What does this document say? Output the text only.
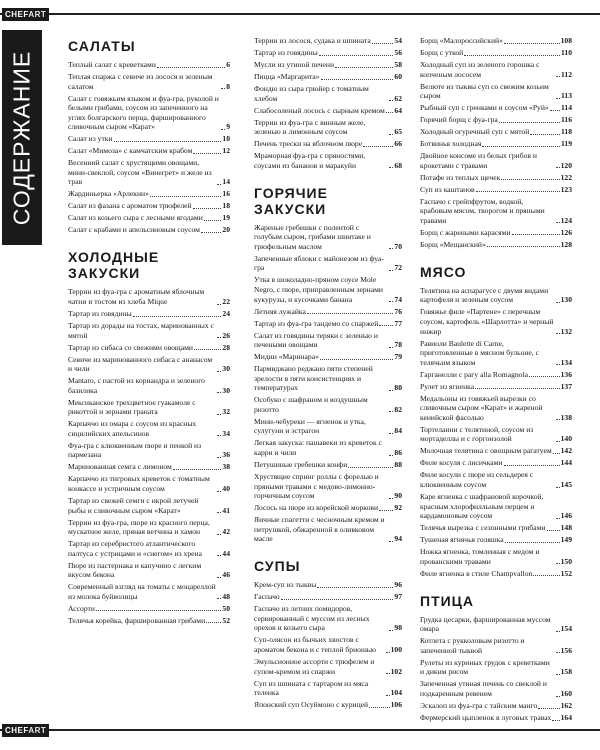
CHEFART
СОДЕРЖАНИЕ
САЛАТЫ
Теплый салат с креветками	6
Теплая спаржа с севиче из лосося и зеленым салатом	8
Салат с говяжьим языком и фуа-гра, руколой и белыми грибами, соусом из запеченного на углях болгарского перца, фаршированного сливочным сыром «Карат»	9
Салат из утки	10
Салат «Мимоза» с камчатским крабом	12
Весенний салат с хрустящими овощами, мини-свеклой, соусом «Винегрет» и желе из трав	14
Жардиньерка «Арлекин»	16
Салат из фазана с ароматом трюфелей	18
Салат из козьего сыра с лесными ягодами	19
Салат с крабами и апельсиновым соусом	20
ХОЛОДНЫЕ ЗАКУСКИ
Террин из фуа-гра с ароматным яблочным чатни и тостом из хлеба Mique	22
Тартар из говядины	24
Тартар из дорады на тостах, маринованных с мятой	26
Тартар из сибаса со свежими овощами	28
Севиче из маринованного сибаса с ананасом и чили	30
Mantaro, с пастой из кориандра и зеленого базилика	30
Мексиканское трехцветное гуакамоле с рикоттой и зернами граната	32
Карпаччо из омара с соусом из красных сицилийских апельсинов	34
Фуа-гра с клюквенным пюре и пенкой из пармезана	36
Маринованная семга с лимоном	38
Карпаччо из тигровых креветок с томатным конкассе и устричным соусом	40
Тартар из свежей семги с икрой летучей рыбы и сливочным сыром «Карат»	41
Террин из фуа-гра, пюре из красного перца, мускатное желе, пряная ветчина и хамон	42
Тартар из серебристого атлантического палтуса с устрицами и «снегом» из хрена	44
Пюре из пастернака и капучино с легким вкусом бекона	46
Современный взгляд на томаты с моцареллой из молока буйволицы	48
Ассорти	50
Телячья корейка, фаршированная грибами 52
Террин из лосося, судака и шпината	54
Тартар из говядины	56
Мусли из утиной печени	58
Пицца «Маргарита»	60
Фондю из сыра грюйер с томатным хлебом	62
Слабосоленый лосось с сырным кремом 64
Террин из фуа-гра с винным желе, зеленью и лимонным соусом	65
Печень трески на яблочном пюре	66
Мраморная фуа-гра с пряностями, соусами из бананов и маракуйи	68
ГОРЯЧИЕ ЗАКУСКИ
Жареные гребешки с полентой с голубым сыром, грибами шиитаке и трюфельным маслом	70
Запеченные яблоки с майонезом из фуа-гра	72
Утка в шоколадно-пряном соусе Mole Negro, с пюре, приправленным зернами кукурузы, и кусочками банана	74
Летняя лужайка	76
Тартар из фуа-гра тандемо со спаржей 77
Салат из говядины теряки с зеленью и печеными овощами	78
Мидии «Маринара»	79
Пармиджано реджано пяти степеней зрелости в пяти консистенциях и температурах	80
Особуко с шафраном и воздушным ризотто	82
Мини-чебуреки — ягненок и утка, сулугуни и эстрагон	84
Легкая закуска: пашавеки из креветок с карри и чили	86
Петушиные гребешки конфи	88
Хрустящие спринг роллы с форелью и пряными травами с медово-лимонно-горчичным соусом	90
Лосось на пюре из корейской моркови 92
Яичные спагетти с чесночным кремом и петрушкой, обжаренной в оливковом масле	94
СУПЫ
Крем-суп из тыквы	96
Гаспачо	97
Гаспачо из летних помидоров, сервированный с муссом из лесных орехов и козьего сыра	98
Суп-олясон из бычьих хвостов с ароматом бекона и с теплой бриошью	100
Эмульсионное ассорти с трюфелем и супом-кремом из спаржи	102
Суп из шпината с тартаром из мяса теленка	104
Японский суп Осуймоно с курицей	106
Борщ «Малороссийский»	108
Борщ с уткой	110
Холодный суп из зеленого горошка с копченым лососем	112
Велюте из тыквы суп со свежим козьим сыром	113
Рыбный суп с гренками и соусом «Руй» 114
Горячий борщ с фуа-гра	116
Холодный огуречный суп с мятой	118
Ботвинья холодная	119
Двойное консоме из белых грибов и крокетами с травами	120
Потафе из теплых щечек	122
Суп из каштанов	123
Гаспачо с грейпфрутом, водкой, крабовым мясом, творогом и пряными травами	124
Борщ с жареными карасями	126
Борщ «Мещанский»	128
МЯСО
Телятина на аспарагусе с двумя видами картофеля и зеленым соусом	130
Говяжье филе «Партене» с перечным соусом, картофель «Шарлотта» и черный инжир	132
Равиоли Baulette di Carne, приготовленные в мясном бульоне, с телячьим языком	134
Гарганелли с рагу alla Romagnola	136
Рулет из ягненка	137
Медальоны из говяжьей вырезки со сливочным сыром «Карат» и жареной кенийской фасолью	138
Тортелаини с телятиной, соусом из мортаделлы и с горгонзолой	140
Молочная телятина с овощным рагатуем 142
Филе косуля с лисичками	144
Филе косули с пюре из сельдерея с клюквенным соусом	145
Каре ягненка с шафрановой корочкой, красным хлорофилльным перцем и кардамоновым соусом	146
Телячья вырезка с сезонными грибами 148
Тушеная ягнячья голяшка	149
Ножка ягненка, томленная с медом и прованскими травами	150
Филе ягненка в стиле Champvallon	152
ПТИЦА
Грудка цесарки, фаршированная муссом омара	154
Котлета с рукколовым ризотто и запеченной тыквой	156
Рулеты из куриных грудок с креветками и диким рисом	158
Запеченная утиная печень со свеклой и подкаренным ревенем	160
Эскалоп из фуа-гра с тайским манго	162
Фермерский цыпленок в луговых травах 164
CHEFART
